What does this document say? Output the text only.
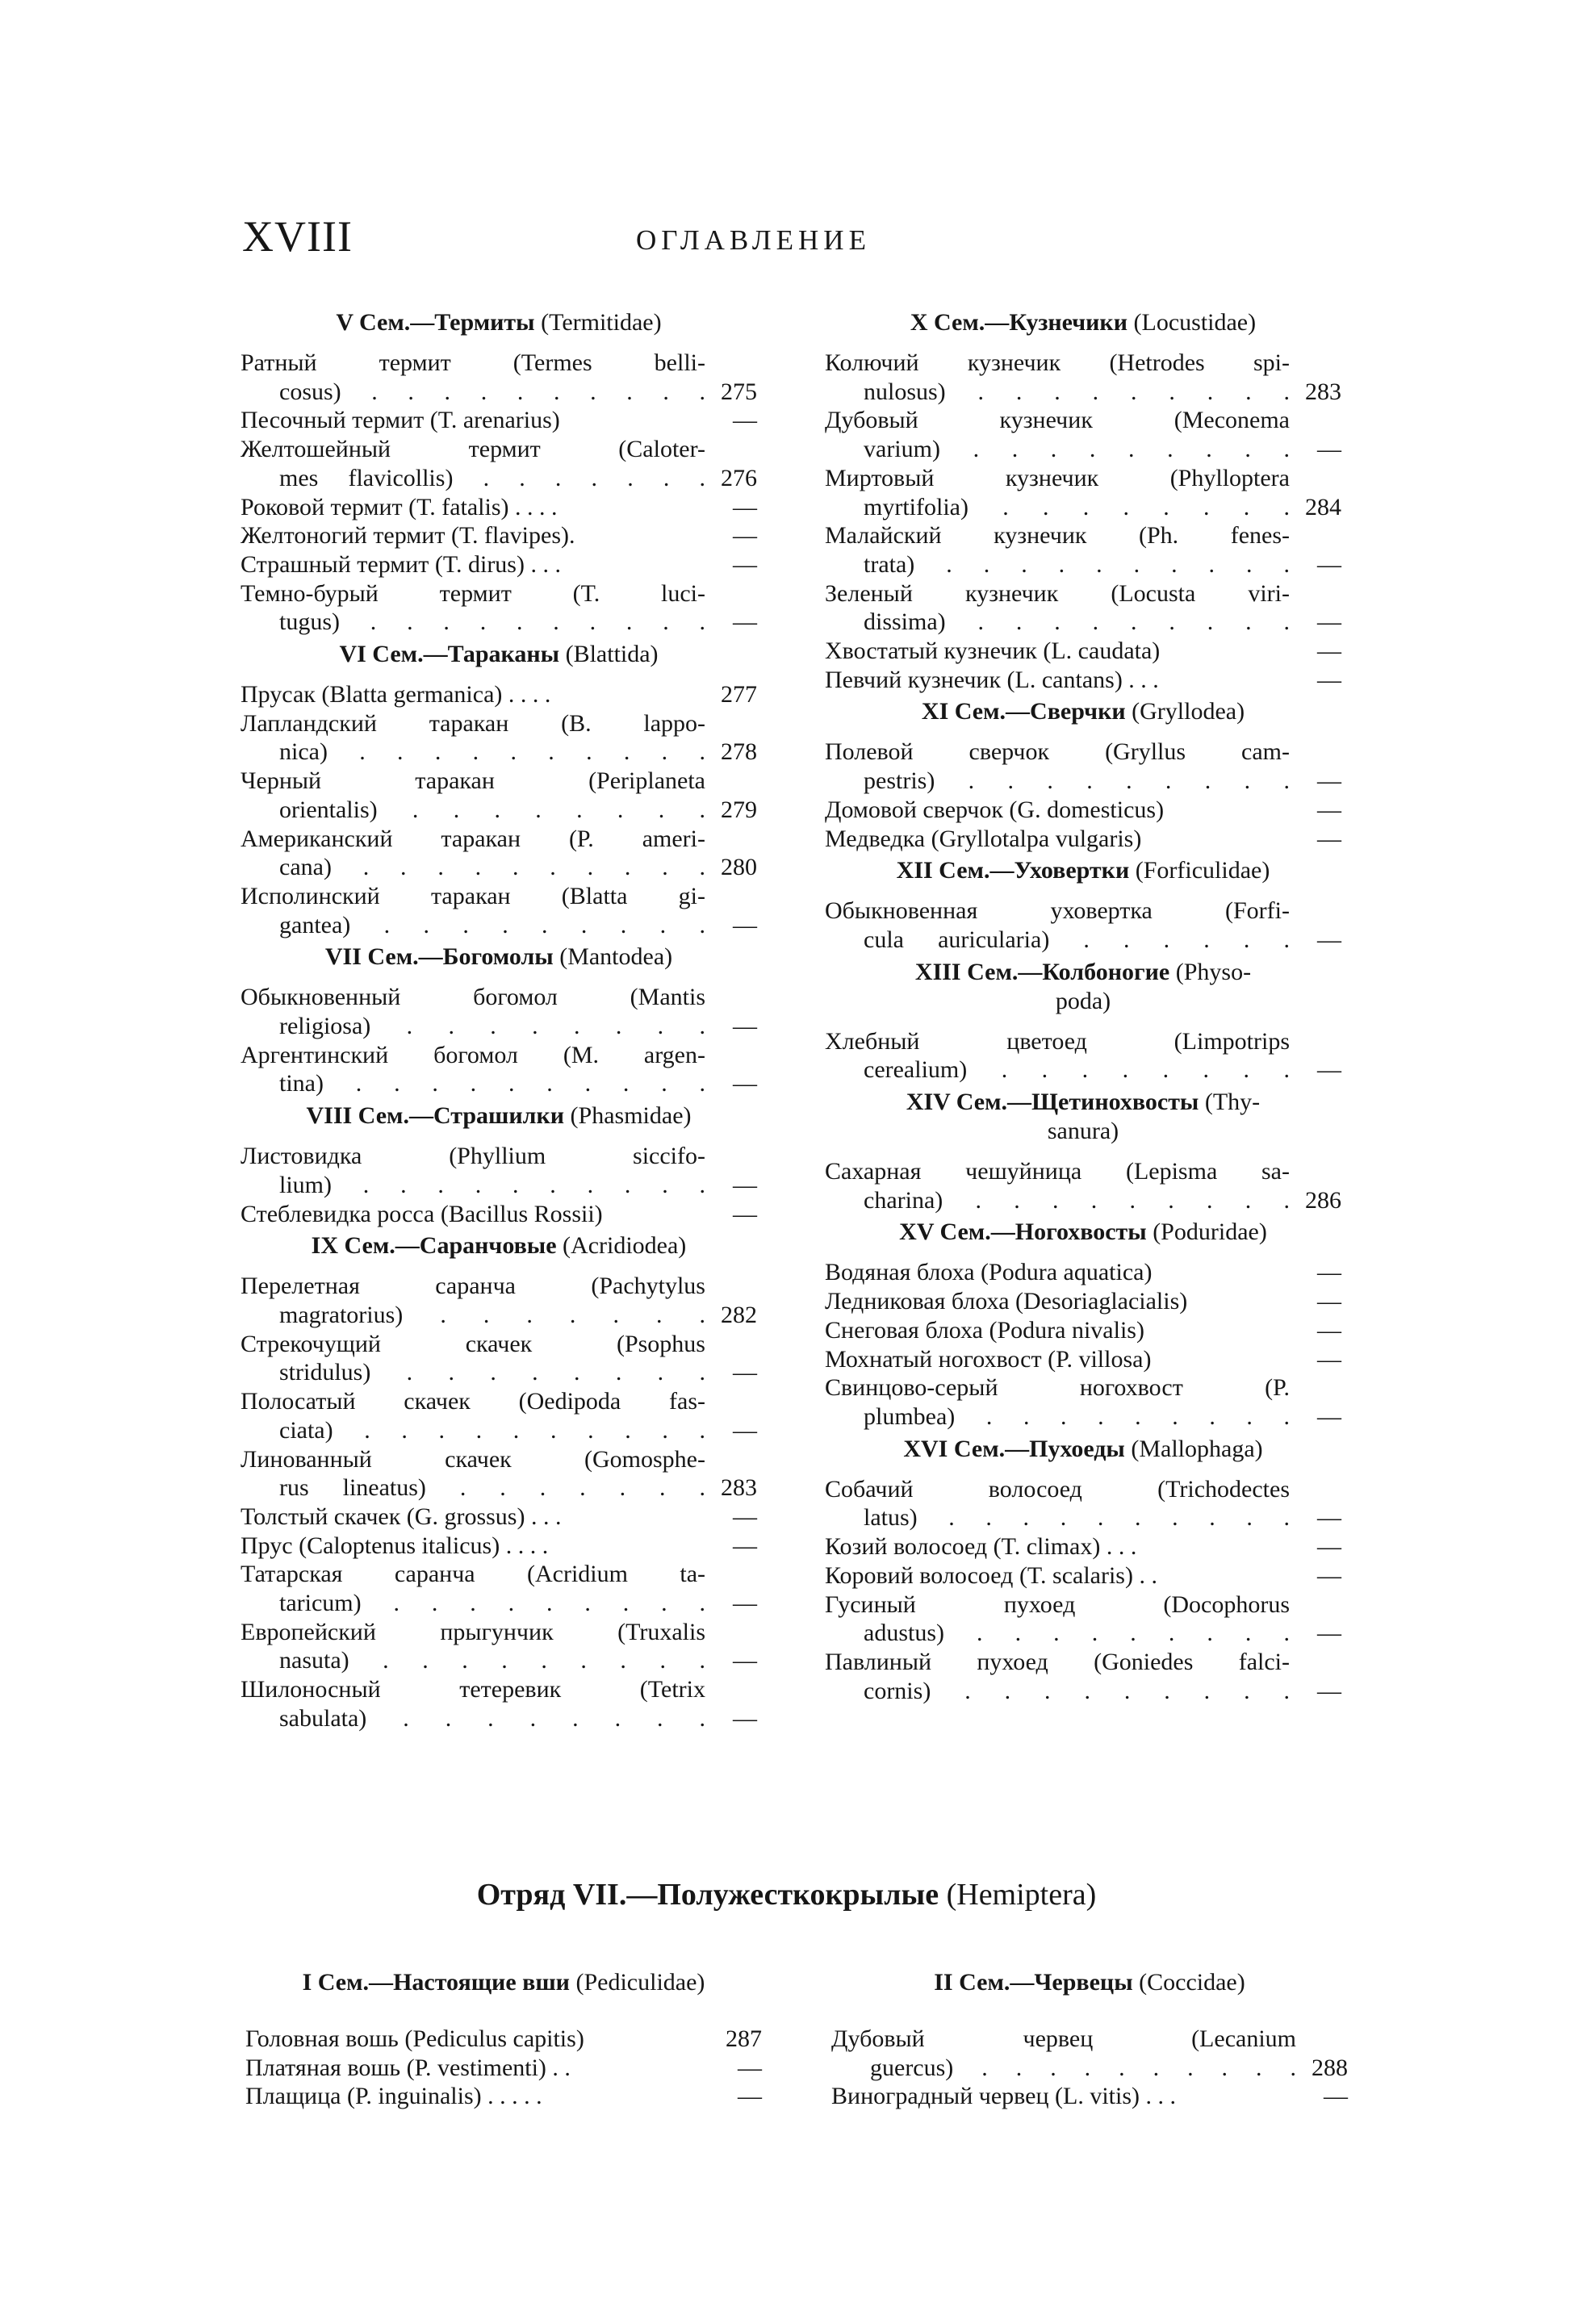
XVIII	ОГЛАВЛЕНИЕ
V Сем.—Термиты (Termitidae)
Ратный термит (Termes belli-
cosus) . . . . . . . . . . 275
Песочный термит (T. arenarius)	—
Желтошейный термит (Caloter-
mes flavicollis) . . . . . . . 276
Роковой термит (T. fatalis) . . . .	—
Желтоногий термит (T. flavipes).	—
Страшный термит (T. dirus) . . .	—
Темно-бурый термит (T. luci-
tugus) . . . . . . . . . .	—
VI Сем.—Тараканы (Blattida)
Прусак (Blatta germanica) . . . .	277
Лапландский таракан (B. lappo-
nica) . . . . . . . . . . 278
Черный таракан (Periplaneta
orientalis) . . . . . . . . 279
Американский таракан (P. ameri-
cana) . . . . . . . . . . 280
Исполинский таракан (Blatta gi-
gantea) . . . . . . . . .	—
VII Сем.—Богомолы (Mantodea)
Обыкновенный богомол (Mantis
religiosa) . . . . . . . .	—
Аргентинский богомол (M. argen-
tina) . . . . . . . . . .	—
VIII Сем.—Страшилки (Phasmidae)
Листовидка (Phyllium siccifo-
lium) . . . . . . . . . .	—
Стеблевидка росса (Bacillus Rossii)	—
IX Сем.—Саранчовые (Acridiodea)
Перелетная саранча (Pachytylus
magratorius) . . . . . . . 282
Стрекочущий скачек (Psophus
stridulus) . . . . . . . .	—
Полосатый скачек (Oedipoda fas-
ciata) . . . . . . . . . .	—
Линованный скачек (Gomosphe-
rus lineatus) . . . . . . . 283
Толстый скачек (G. grossus) . . .	—
Прус (Caloptenus italicus) . . . .	—
Татарская саранча (Acridium ta-
taricum) . . . . . . . . .	—
Европейский прыгунчик (Truxalis
nasuta) . . . . . . . . .	—
Шилоносный тетеревик (Tetrix
sabulata) . . . . . . . .	—
X Сем.—Кузнечики (Locustidae)
Колючий кузнечик (Hetrodes spi-
nulosus) . . . . . . . . . 283
Дубовый кузнечик (Meconema
varium) . . . . . . . . .	—
Миртовый кузнечик (Phylloptera
myrtifolia) . . . . . . . . 284
Малайский кузнечик (Ph. fenes-
trata) . . . . . . . . . .	—
Зеленый кузнечик (Locusta viri-
dissima) . . . . . . . . .	—
Хвостатый кузнечик (L. caudata)	—
Певчий кузнечик (L. cantans) . . .	—
XI Сем.—Сверчки (Gryllodea)
Полевой сверчок (Gryllus cam-
pestris) . . . . . . . . .	—
Домовой сверчок (G. domesticus)	—
Медведка (Gryllotalpa vulgaris)	—
XII Сем.—Уховертки (Forficulidae)
Обыкновенная уховертка (Forfi-
cula auricularia) . . . . . .	—
XIII Сем.—Колбоногие (Physo-
poda)
Хлебный цветоед (Limpotrips
cerealium) . . . . . . . .	—
XIV Сем.—Щетинохвосты (Thy-
sanura)
Сахарная чешуйница (Lepisma sa-
charina) . . . . . . . . . 286
XV Сем.—Ногохвосты (Poduridae)
Водяная блоха (Podura aquatica)	—
Ледниковая блоха (Desoriaglacialis)	—
Снеговая блоха (Podura nivalis)	—
Мохнатый ногохвост (P. villosa)	—
Свинцово-серый ногохвост (P.
plumbea) . . . . . . . . .	—
XVI Сем.—Пухоеды (Mallophaga)
Собачий волосоед (Trichodectes
latus) . . . . . . . . . .	—
Козий волосоед (T. climax) . . .	—
Коровий волосоед (T. scalaris) . .	—
Гусиный пухоед (Docophorus
adustus) . . . . . . . . .	—
Павлиный пухоед (Goniedes falci-
cornis) . . . . . . . . .	—
Отряд VII.—Полужесткокрылые (Hemiptera)
I Сем.—Настоящие вши (Pediculidae)
Головная вошь (Pediculus capitis)	287
Платяная вошь (P. vestimenti) . .	—
Плащица (P. inguinalis) . . . . .	—
II Сем.—Червецы (Coccidae)
Дубовый червец (Lecanium
guercus) . . . . . . . . . . 288
Виноградный червец (L. vitis) . . .	—
